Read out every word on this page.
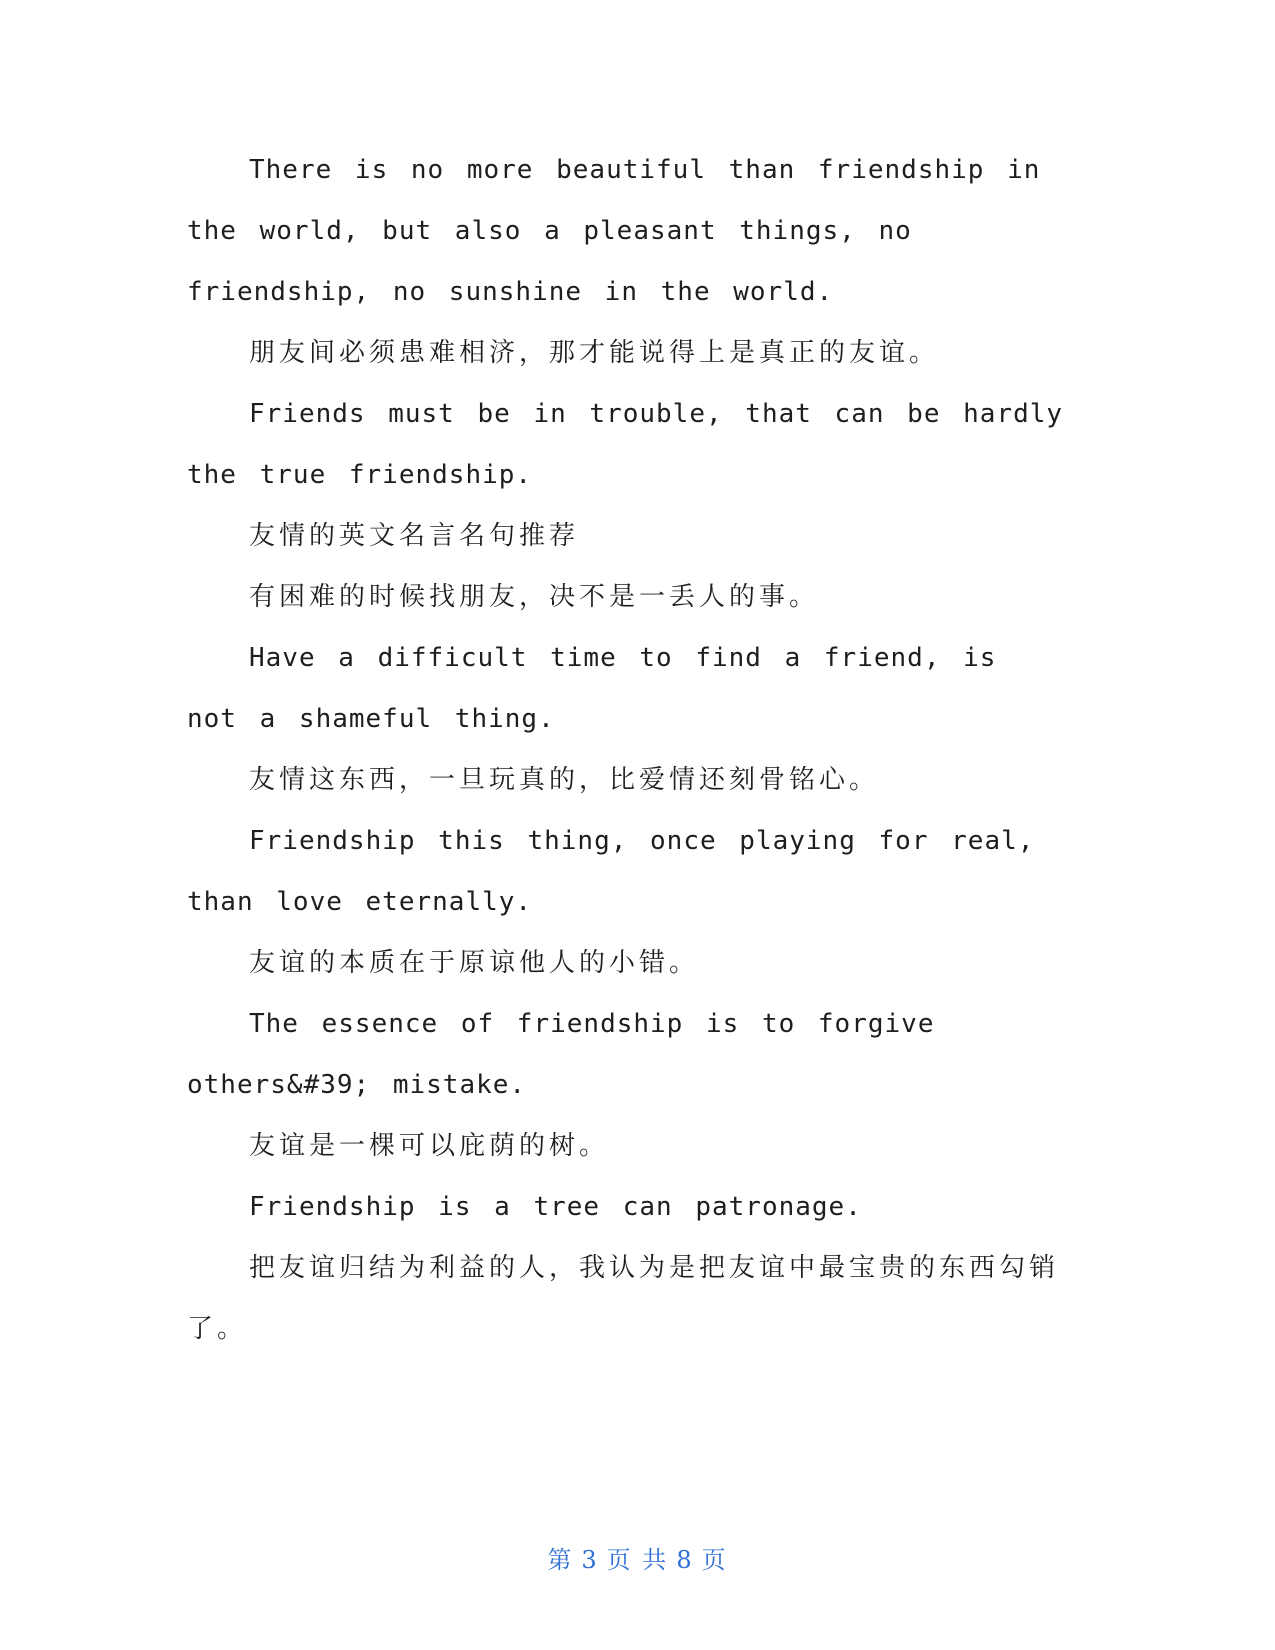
There is no more beautiful than friendship in the world, but also a pleasant things, no friendship, no sunshine in the world.

朋友间必须患难相济，那才能说得上是真正的友谊。

Friends must be in trouble, that can be hardly the true friendship.

友情的英文名言名句推荐

有困难的时候找朋友，决不是一丢人的事。

Have a difficult time to find a friend, is not a shameful thing.

友情这东西，一旦玩真的，比爱情还刻骨铭心。

Friendship this thing, once playing for real, than love eternally.

友谊的本质在于原谅他人的小错。

The essence of friendship is to forgive others&#39; mistake.

友谊是一棵可以庇荫的树。

Friendship is a tree can patronage.

把友谊归结为利益的人，我认为是把友谊中最宝贵的东西勾销了。

第 3 页 共 8 页
